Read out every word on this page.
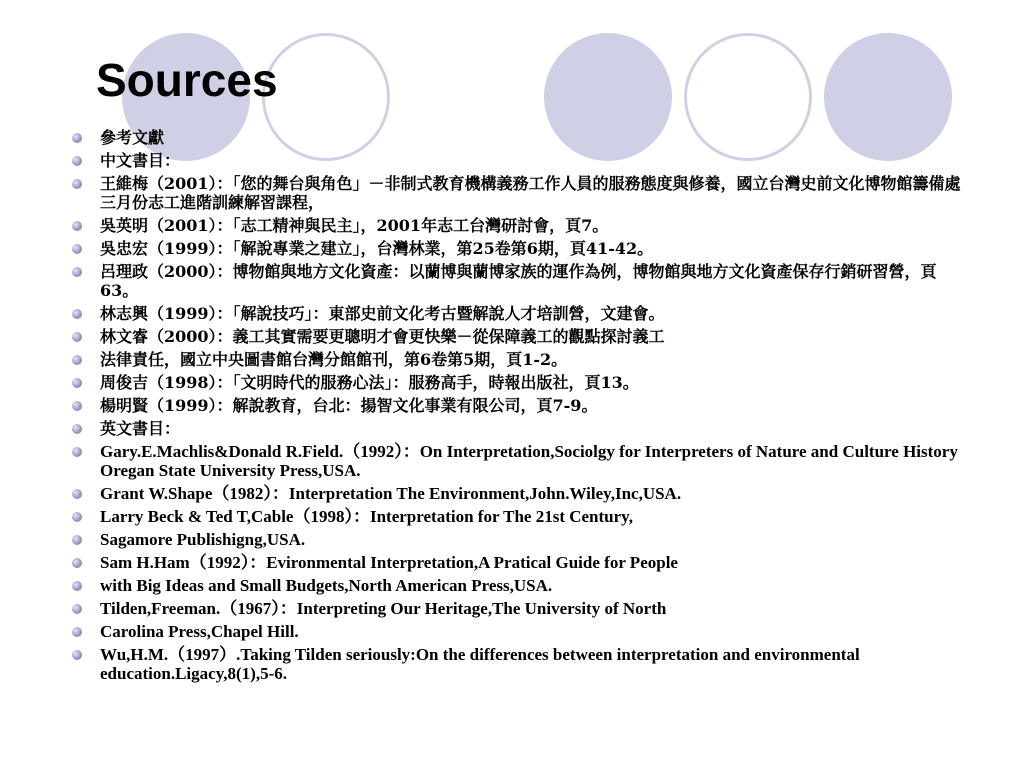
Sources
參考文獻
中文書目：
王維梅（2001）：「您的舞台與角色」－非制式教育機構義務工作人員的服務態度與修養，國立台灣史前文化博物館籌備處三月份志工進階訓練解習課程，
吳英明（2001）：「志工精神與民主」，2001年志工台灣研討會，頁7。
吳忠宏（1999）：「解說專業之建立」，台灣林業，第25卷第6期，頁41-42。
呂理政（2000）：博物館與地方文化資產：以蘭博與蘭博家族的運作為例，博物館與地方文化資產保存行銷研習營，頁63。
林志興（1999）：「解說技巧」：東部史前文化考古暨解說人才培訓營，文建會。
林文睿（2000）：義工其實需要更聰明才會更快樂－從保障義工的觀點探討義工
法律責任，國立中央圖書館台灣分館館刊，第6卷第5期，頁1-2。
周俊吉（1998）：「文明時代的服務心法」：服務高手，時報出版社，頁13。
楊明賢（1999）：解說教育，台北：揚智文化事業有限公司，頁7-9。
英文書目：
Gary.E.Machlis&Donald R.Field.（1992）：On Interpretation,Sociolgy for Interpreters of Nature and Culture History Oregan State University Press,USA.
Grant W.Shape（1982）：Interpretation The Environment,John.Wiley,Inc,USA.
Larry Beck & Ted T,Cable（1998）：Interpretation for The 21st Century,
Sagamore Publishigng,USA.
Sam H.Ham（1992）：Evironmental Interpretation,A Pratical Guide for People
with Big Ideas and Small Budgets,North American Press,USA.
Tilden,Freeman.（1967）：Interpreting Our Heritage,The University of North
Carolina Press,Chapel Hill.
Wu,H.M.（1997）.Taking Tilden seriously:On the differences between interpretation and environmental education.Ligacy,8(1),5-6.
